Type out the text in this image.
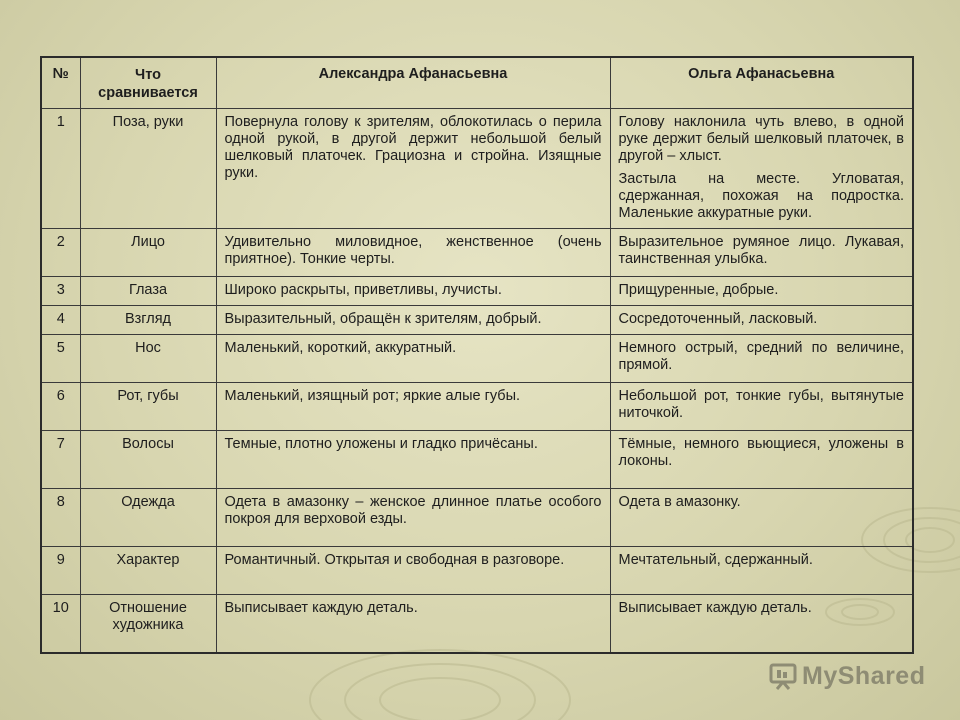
№	Что сравнивается	Александра Афанасьевна	Ольга Афанасьевна
1	Поза, руки	Повернула голову к зрителям, облокотилась о перила одной рукой, в другой держит небольшой белый шелковый платочек. Грациозна и стройна. Изящные руки.	Голову наклонила чуть влево, в одной руке держит белый шелковый платочек, в другой – хлыст.

Застыла на месте. Угловатая, сдержанная, похожая на подростка. Маленькие аккуратные руки.

2	Лицо	Удивительно миловидное, женственное (очень приятное). Тонкие черты.	Выразительное румяное лицо. Лукавая, таинственная улыбка.

3	Глаза	Широко раскрыты, приветливы, лучисты.	Прищуренные, добрые.

4	Взгляд	Выразительный, обращён к зрителям, добрый.	Сосредоточенный, ласковый.

5	Нос	Маленький, короткий, аккуратный.	Немного острый, средний по величине, прямой.

6	Рот, губы	Маленький, изящный рот; яркие алые губы.	Небольшой рот, тонкие губы, вытянутые ниточкой.

7	Волосы	Темные, плотно уложены и гладко причёсаны.	Тёмные, немного вьющиеся, уложены в локоны.

8	Одежда	Одета в амазонку – женское длинное платье особого покроя для верховой езды.	Одета в амазонку.

9	Характер	Романтичный. Открытая и свободная в разговоре.	Мечтательный, сдержанный.

10	Отношение художника	Выписывает каждую деталь.	Выписывает каждую деталь.

MyShared
